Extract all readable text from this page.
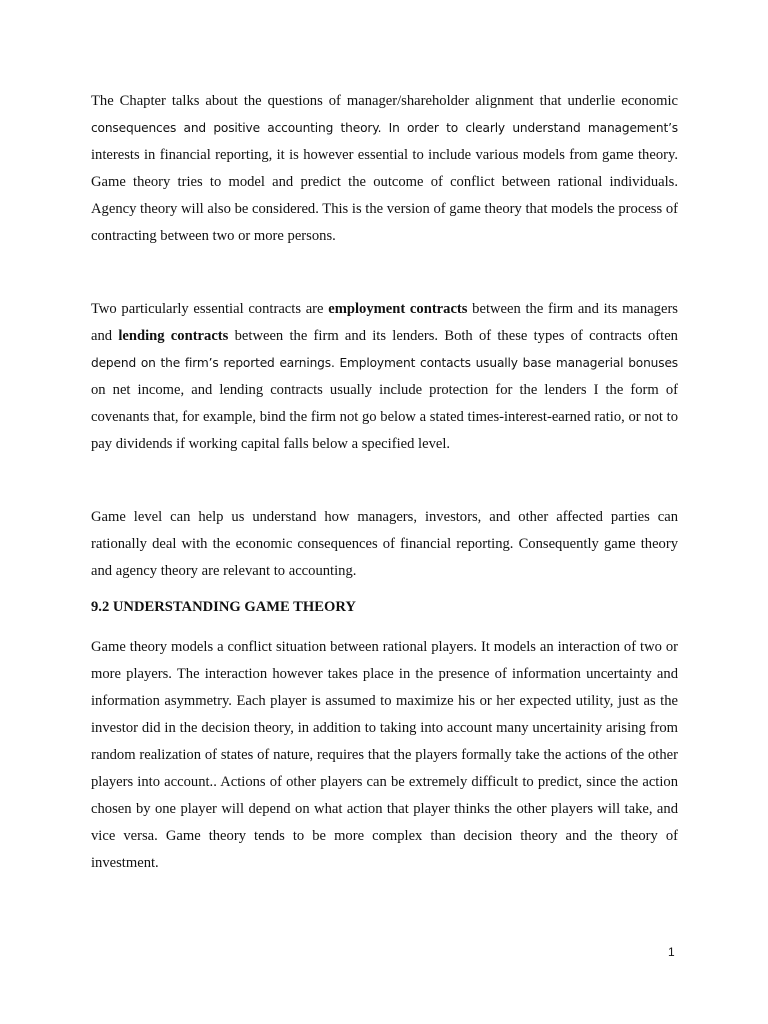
The Chapter talks about the questions of manager/shareholder alignment that underlie economic consequences and positive accounting theory. In order to clearly understand management’s interests in financial reporting, it is however essential to include various models from game theory. Game theory tries to model and predict the outcome of conflict between rational individuals. Agency theory will also be considered. This is the version of game theory that models the process of contracting between two or more persons.

Two particularly essential contracts are employment contracts between the firm and its managers and lending contracts between the firm and its lenders. Both of these types of contracts often depend on the firm’s reported earnings. Employment contacts usually base managerial bonuses on net income, and lending contracts usually include protection for the lenders I the form of covenants that, for example, bind the firm not go below a stated times-interest-earned ratio, or not to pay dividends if working capital falls below a specified level.

Game level can help us understand how managers, investors, and other affected parties can rationally deal with the economic consequences of financial reporting. Consequently game theory and agency theory are relevant to accounting.

9.2 UNDERSTANDING GAME THEORY

Game theory models a conflict situation between rational players. It models an interaction of two or more players. The interaction however takes place in the presence of information uncertainty and information asymmetry. Each player is assumed to maximize his or her expected utility, just as the investor did in the decision theory, in addition to taking into account many uncertainity arising from random realization of states of nature, requires that the players formally take the actions of the other players into account.. Actions of other players can be extremely difficult to predict, since the action chosen by one player will depend on what action that player thinks the other players will take, and vice versa. Game theory tends to be more complex than decision theory and the theory of investment.

1
